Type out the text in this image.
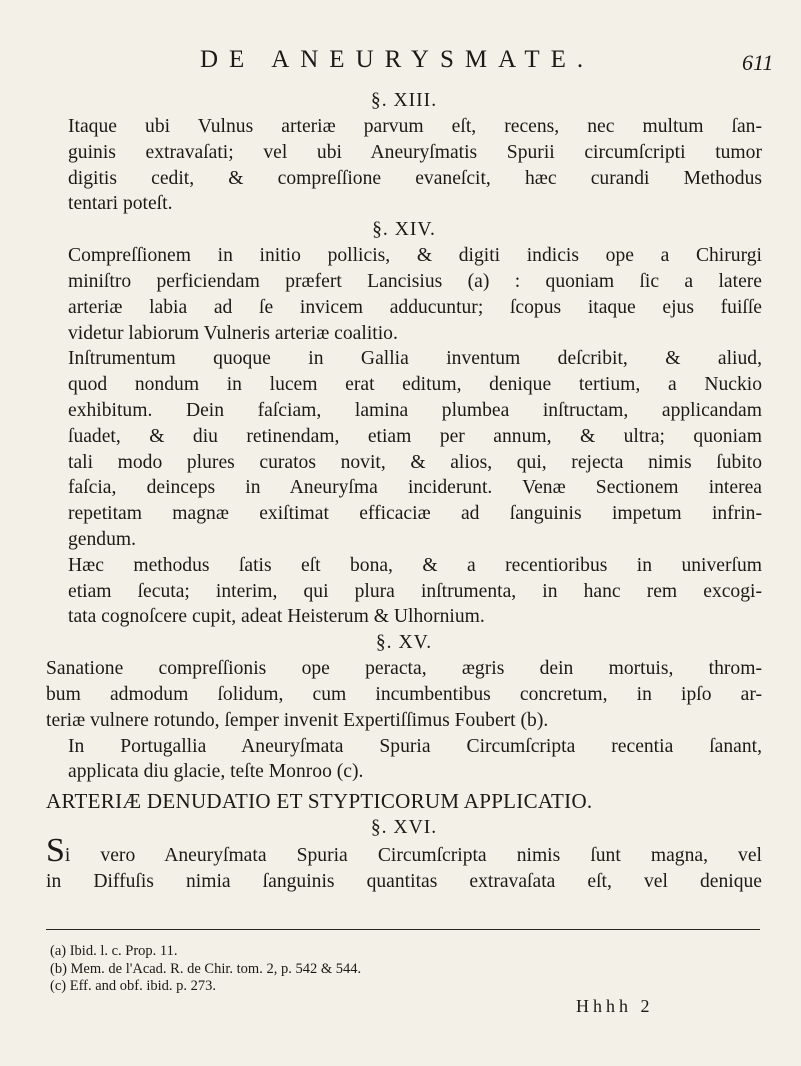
DE ANEURYSMATE.	611

§. XIII.

Itaque ubi Vulnus arteriæ parvum eſt, recens, nec multum ſan-
guinis extravaſati; vel ubi Aneuryſmatis Spurii circumſcripti tumor
digitis cedit, & compreſſione evaneſcit, hæc curandi Methodus
tentari poteſt.

§. XIV.

Compreſſionem in initio pollicis, & digiti indicis ope a Chirurgi
miniſtro perficiendam præfert Lancisius (a) : quoniam ſic a latere
arteriæ labia ad ſe invicem adducuntur; ſcopus itaque ejus fuiſſe
videtur labiorum Vulneris arteriæ coalitio.

Inſtrumentum quoque in Gallia inventum deſcribit, & aliud,
quod nondum in lucem erat editum, denique tertium, a Nuckio
exhibitum. Dein faſciam, lamina plumbea inſtructam, applicandam
ſuadet, & diu retinendam, etiam per annum, & ultra; quoniam
tali modo plures curatos novit, & alios, qui, rejecta nimis ſubito
faſcia, deinceps in Aneuryſma inciderunt. Venæ Sectionem interea
repetitam magnæ exiſtimat efficaciæ ad ſanguinis impetum infrin-
gendum.

Hæc methodus ſatis eſt bona, & a recentioribus in univerſum
etiam ſecuta; interim, qui plura inſtrumenta, in hanc rem excogi-
tata cognoſcere cupit, adeat Heisterum & Ulhornium.

§. XV.

Sanatione compreſſionis ope peracta, ægris dein mortuis, throm-
bum admodum ſolidum, cum incumbentibus concretum, in ipſo ar-
teriæ vulnere rotundo, ſemper invenit Expertiſſimus Foubert (b).

In Portugallia Aneuryſmata Spuria Circumſcripta recentia ſanant,
applicata diu glacie, teſte Monroo (c).

ARTERIÆ DENUDATIO ET STYPTICORUM APPLICATIO.

§. XVI.

Si vero Aneuryſmata Spuria Circumſcripta nimis ſunt magna, vel
in Diffuſis nimia ſanguinis quantitas extravaſata eſt, vel denique

(a) Ibid. l. c. Prop. 11.
(b) Mem. de l'Acad. R. de Chir. tom. 2, p. 542 & 544.
(c) Eff. and obf. ibid. p. 273.
Hhhh 2
